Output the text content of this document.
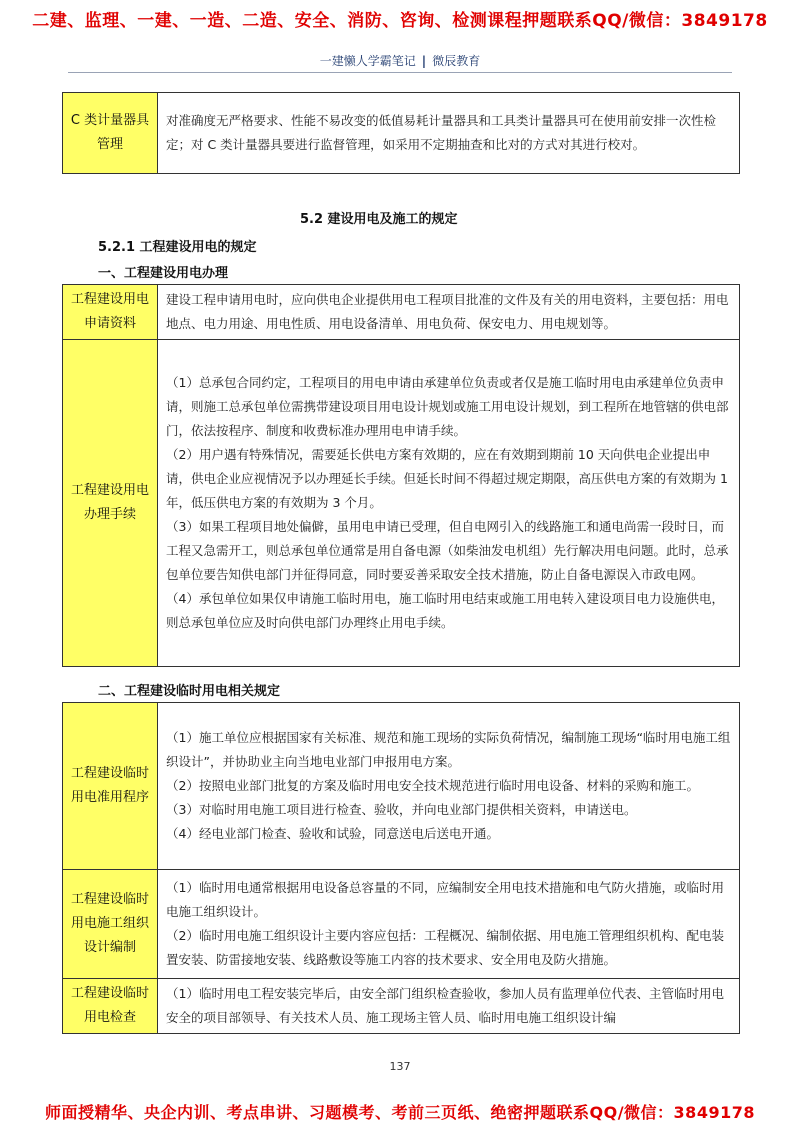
二建、监理、一建、一造、二造、安全、消防、咨询、检测课程押题联系QQ/微信：3849178
一建懒人学霸笔记 | 微辰教育
C 类计量器具管理	对准确度无严格要求、性能不易改变的低值易耗计量器具和工具类计量器具可在使用前安排一次性检定；对 C 类计量器具要进行监督管理，如采用不定期抽查和比对的方式对其进行校对。
5.2 建设用电及施工的规定
5.2.1 工程建设用电的规定
一、工程建设用电办理
工程建设用电申请资料	建设工程申请用电时，应向供电企业提供用电工程项目批准的文件及有关的用电资料，主要包括：用电地点、电力用途、用电性质、用电设备清单、用电负荷、保安电力、用电规划等。
工程建设用电办理手续	（1）总承包合同约定，工程项目的用电申请由承建单位负责或者仅是施工临时用电由承建单位负责申请，则施工总承包单位需携带建设项目用电设计规划或施工用电设计规划，到工程所在地管辖的供电部门，依法按程序、制度和收费标准办理用电申请手续。

（2）用户遇有特殊情况，需要延长供电方案有效期的，应在有效期到期前 10 天向供电企业提出申请，供电企业应视情况予以办理延长手续。但延长时间不得超过规定期限，高压供电方案的有效期为 1 年，低压供电方案的有效期为 3 个月。

（3）如果工程项目地处偏僻，虽用电申请已受理，但自电网引入的线路施工和通电尚需一段时日，而工程又急需开工，则总承包单位通常是用自备电源（如柴油发电机组）先行解决用电问题。此时，总承包单位要告知供电部门并征得同意，同时要妥善采取安全技术措施，防止自备电源误入市政电网。

（4）承包单位如果仅申请施工临时用电，施工临时用电结束或施工用电转入建设项目电力设施供电，则总承包单位应及时向供电部门办理终止用电手续。

二、工程建设临时用电相关规定
工程建设临时用电准用程序	（1）施工单位应根据国家有关标准、规范和施工现场的实际负荷情况，编制施工现场“临时用电施工组织设计”，并协助业主向当地电业部门申报用电方案。

（2）按照电业部门批复的方案及临时用电安全技术规范进行临时用电设备、材料的采购和施工。

（3）对临时用电施工项目进行检查、验收，并向电业部门提供相关资料，申请送电。

（4）经电业部门检查、验收和试验，同意送电后送电开通。

工程建设临时用电施工组织设计编制	（1）临时用电通常根据用电设备总容量的不同，应编制安全用电技术措施和电气防火措施，或临时用电施工组织设计。

（2）临时用电施工组织设计主要内容应包括：工程概况、编制依据、用电施工管理组织机构、配电装置安装、防雷接地安装、线路敷设等施工内容的技术要求、安全用电及防火措施。

工程建设临时用电检查	（1）临时用电工程安装完毕后，由安全部门组织检查验收，参加人员有监理单位代表、主管临时用电安全的项目部领导、有关技术人员、施工现场主管人员、临时用电施工组织设计编

137
师面授精华、央企内训、考点串讲、习题模考、考前三页纸、绝密押题联系QQ/微信：3849178
